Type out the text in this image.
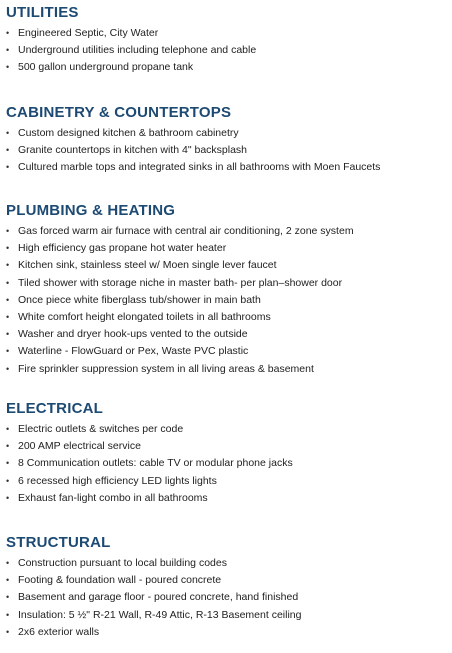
UTILITIES
• Engineered Septic, City Water
• Underground utilities including telephone and cable
• 500 gallon underground propane tank
CABINETRY & COUNTERTOPS
• Custom designed kitchen & bathroom cabinetry
• Granite countertops in kitchen with 4" backsplash
• Cultured marble tops and integrated sinks in all bathrooms with Moen Faucets
PLUMBING & HEATING
• Gas forced warm air furnace with central air conditioning, 2 zone system
• High efficiency gas propane hot water heater
• Kitchen sink, stainless steel w/ Moen single lever faucet
• Tiled shower with storage niche in master bath- per plan–shower door
• Once piece white fiberglass tub/shower in main bath
• White comfort height elongated toilets in all bathrooms
• Washer and dryer hook-ups vented to the outside
• Waterline - FlowGuard or Pex, Waste PVC plastic
• Fire sprinkler suppression system in all living areas & basement
ELECTRICAL
• Electric outlets & switches per code
• 200 AMP electrical service
• 8 Communication outlets: cable TV or modular phone jacks
• 6 recessed high efficiency LED lights lights
• Exhaust fan-light combo in all bathrooms
STRUCTURAL
• Construction pursuant to local building codes
• Footing & foundation wall - poured concrete
• Basement and garage floor - poured concrete, hand finished
• Insulation: 5 ½" R-21 Wall, R-49 Attic, R-13 Basement ceiling
• 2x6 exterior walls
